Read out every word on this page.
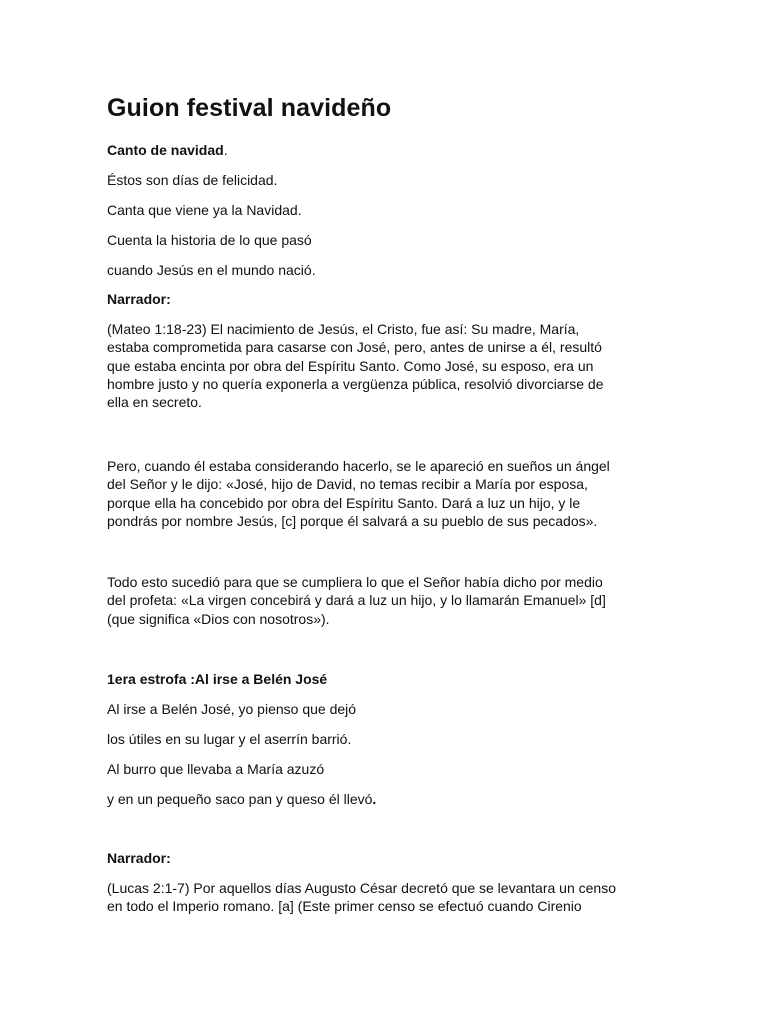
Guion festival navideño
Canto de navidad.
Éstos son días de felicidad.
Canta que viene ya la Navidad.
Cuenta la historia de lo que pasó
cuando Jesús en el mundo nació.
Narrador:
(Mateo 1:18-23) El nacimiento de Jesús, el Cristo, fue así: Su madre, María,
estaba comprometida para casarse con José, pero, antes de unirse a él, resultó
que estaba encinta por obra del Espíritu Santo. Como José, su esposo, era un
hombre justo y no quería exponerla a vergüenza pública, resolvió divorciarse de
ella en secreto.
Pero, cuando él estaba considerando hacerlo, se le apareció en sueños un ángel
del Señor y le dijo: «José, hijo de David, no temas recibir a María por esposa,
porque ella ha concebido por obra del Espíritu Santo. Dará a luz un hijo, y le
pondrás por nombre Jesús, [c] porque él salvará a su pueblo de sus pecados».
Todo esto sucedió para que se cumpliera lo que el Señor había dicho por medio
del profeta: «La virgen concebirá y dará a luz un hijo, y lo llamarán Emanuel» [d]
(que significa «Dios con nosotros»).
1era estrofa :Al irse a Belén José
Al irse a Belén José, yo pienso que dejó
los útiles en su lugar y el aserrín barrió.
Al burro que llevaba a María azuzó
y en un pequeño saco pan y queso él llevó.
Narrador:
(Lucas 2:1-7) Por aquellos días Augusto César decretó que se levantara un censo
en todo el Imperio romano. [a] (Este primer censo se efectuó cuando Cirenio
